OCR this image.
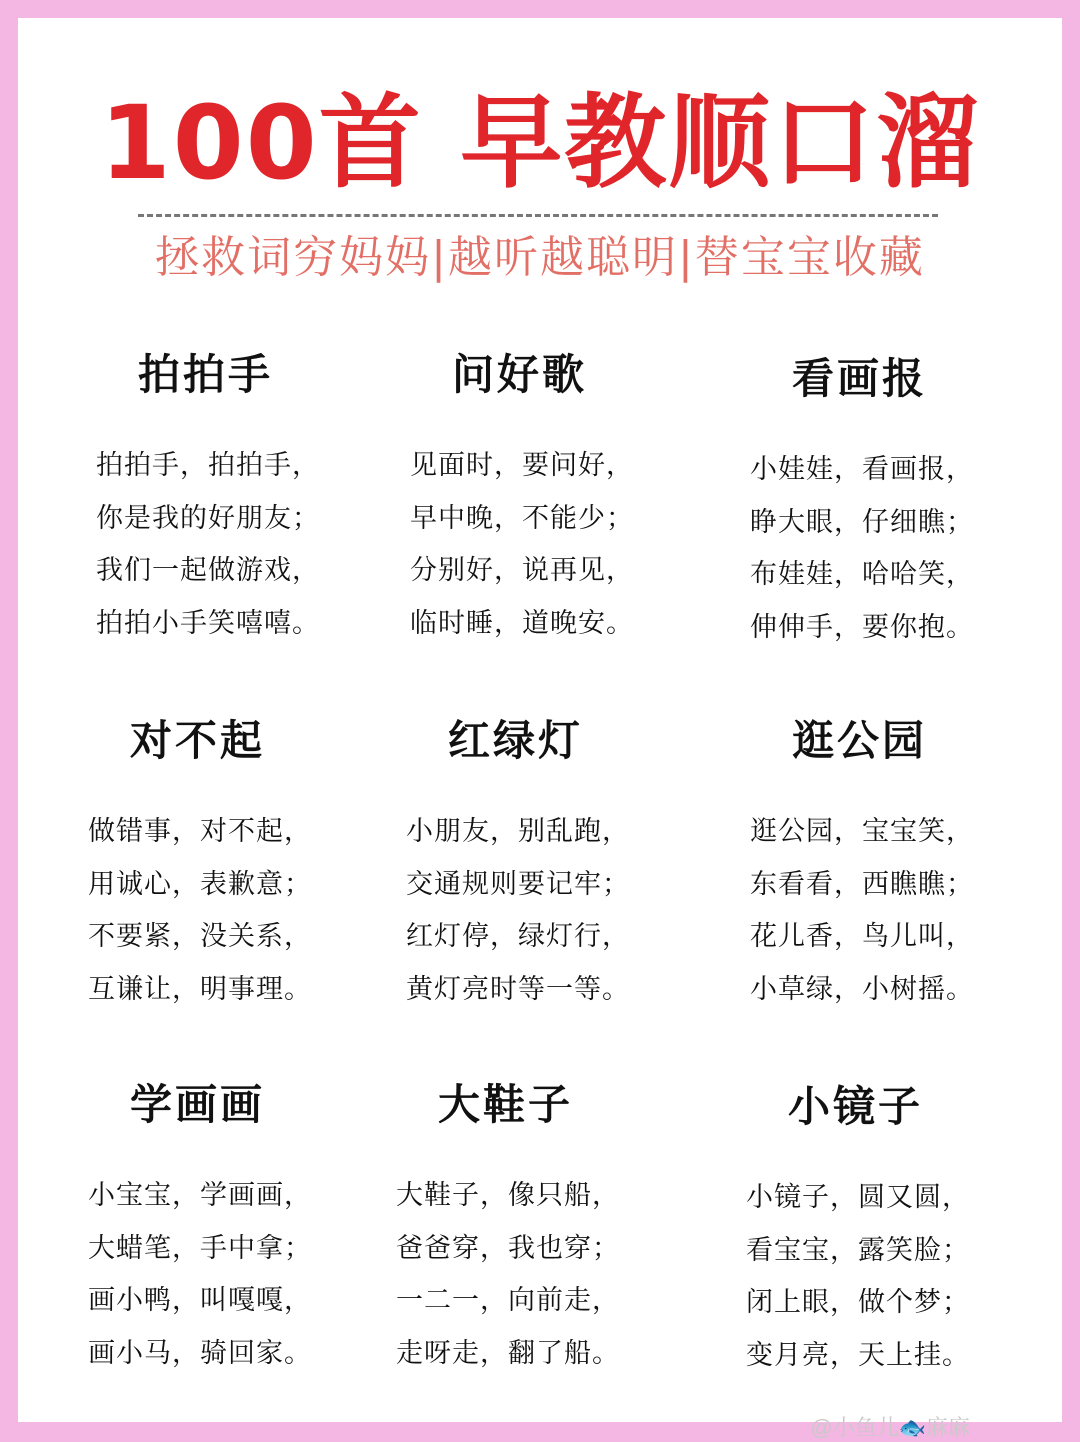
100首 早教顺口溜
拯救词穷妈妈|越听越聪明|替宝宝收藏
拍拍手
拍拍手，拍拍手，
你是我的好朋友；
我们一起做游戏，
拍拍小手笑嘻嘻。
问好歌
见面时，要问好，
早中晚，不能少；
分别好，说再见，
临时睡，道晚安。
看画报
小娃娃，看画报，
睁大眼，仔细瞧；
布娃娃，哈哈笑，
伸伸手，要你抱。
对不起
做错事，对不起，
用诚心，表歉意；
不要紧，没关系，
互谦让，明事理。
红绿灯
小朋友，别乱跑，
交通规则要记牢；
红灯停，绿灯行，
黄灯亮时等一等。
逛公园
逛公园，宝宝笑，
东看看，西瞧瞧；
花儿香，鸟儿叫，
小草绿，小树摇。
学画画
小宝宝，学画画，
大蜡笔，手中拿；
画小鸭，叫嘎嘎，
画小马，骑回家。
大鞋子
大鞋子，像只船，
爸爸穿，我也穿；
一二一，向前走，
走呀走，翻了船。
小镜子
小镜子，圆又圆，
看宝宝，露笑脸；
闭上眼，做个梦；
变月亮，天上挂。
@小鱼儿🐟麻麻
